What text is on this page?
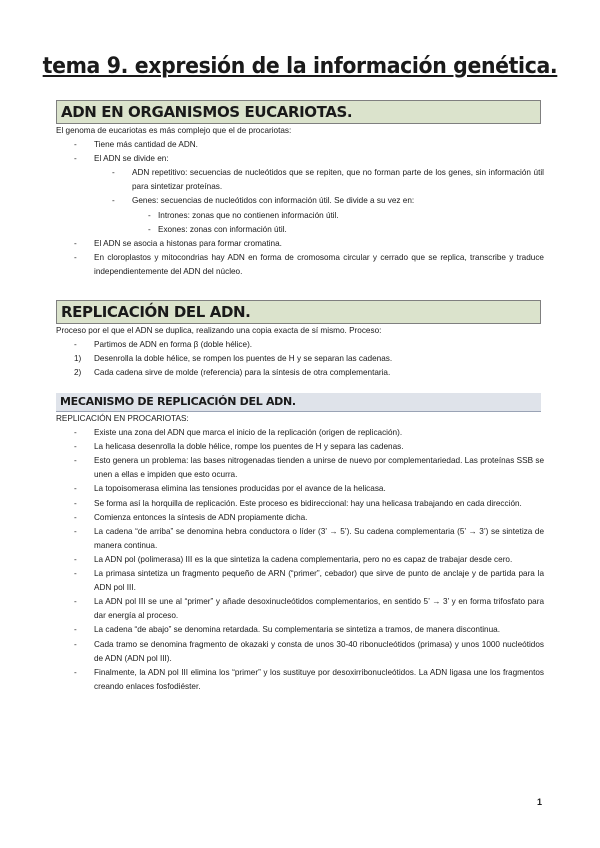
tema 9. expresión de la información genética.
ADN EN ORGANISMOS EUCARIOTAS.

El genoma de eucariotas es más complejo que el de procariotas:

- Tiene más cantidad de ADN.
- El ADN se divide en:
- ADN repetitivo: secuencias de nucleótidos que se repiten, que no forman parte de los genes, sin información útil para sintetizar proteínas.
- Genes: secuencias de nucleótidos con información útil. Se divide a su vez en:
- Intrones: zonas que no contienen información útil.
- Exones: zonas con información útil.
- El ADN se asocia a histonas para formar cromatina.
- En cloroplastos y mitocondrias hay ADN en forma de cromosoma circular y cerrado que se replica, transcribe y traduce independientemente del ADN del núcleo.
REPLICACIÓN DEL ADN.

Proceso por el que el ADN se duplica, realizando una copia exacta de sí mismo. Proceso:

- Partimos de ADN en forma β (doble hélice).
1) Desenrolla la doble hélice, se rompen los puentes de H y se separan las cadenas.
2) Cada cadena sirve de molde (referencia) para la síntesis de otra complementaria.
MECANISMO DE REPLICACIÓN DEL ADN.

REPLICACIÓN EN PROCARIOTAS:

- Existe una zona del ADN que marca el inicio de la replicación (origen de replicación).
- La helicasa desenrolla la doble hélice, rompe los puentes de H y separa las cadenas.
- Esto genera un problema: las bases nitrogenadas tienden a unirse de nuevo por complementariedad. Las proteínas SSB se unen a ellas e impiden que esto ocurra.
- La topoisomerasa elimina las tensiones producidas por el avance de la helicasa.
- Se forma así la horquilla de replicación. Este proceso es bidireccional: hay una helicasa trabajando en cada dirección.
- Comienza entonces la síntesis de ADN propiamente dicha.
- La cadena “de arriba” se denomina hebra conductora o líder (3’ → 5’). Su cadena complementaria (5’ → 3’) se sintetiza de manera continua.
- La ADN pol (polimerasa) III es la que sintetiza la cadena complementaria, pero no es capaz de trabajar desde cero.
- La primasa sintetiza un fragmento pequeño de ARN (“primer”, cebador) que sirve de punto de anclaje y de partida para la ADN pol III.
- La ADN pol III se une al “primer” y añade desoxinucleótidos complementarios, en sentido 5’ → 3’ y en forma trifosfato para dar energía al proceso.
- La cadena “de abajo” se denomina retardada. Su complementaria se sintetiza a tramos, de manera discontinua.
- Cada tramo se denomina fragmento de okazaki y consta de unos 30-40 ribonucleótidos (primasa) y unos 1000 nucleótidos de ADN (ADN pol III).
- Finalmente, la ADN pol III elimina los “primer” y los sustituye por desoxirribonucleótidos. La ADN ligasa une los fragmentos creando enlaces fosfodiéster.
1
